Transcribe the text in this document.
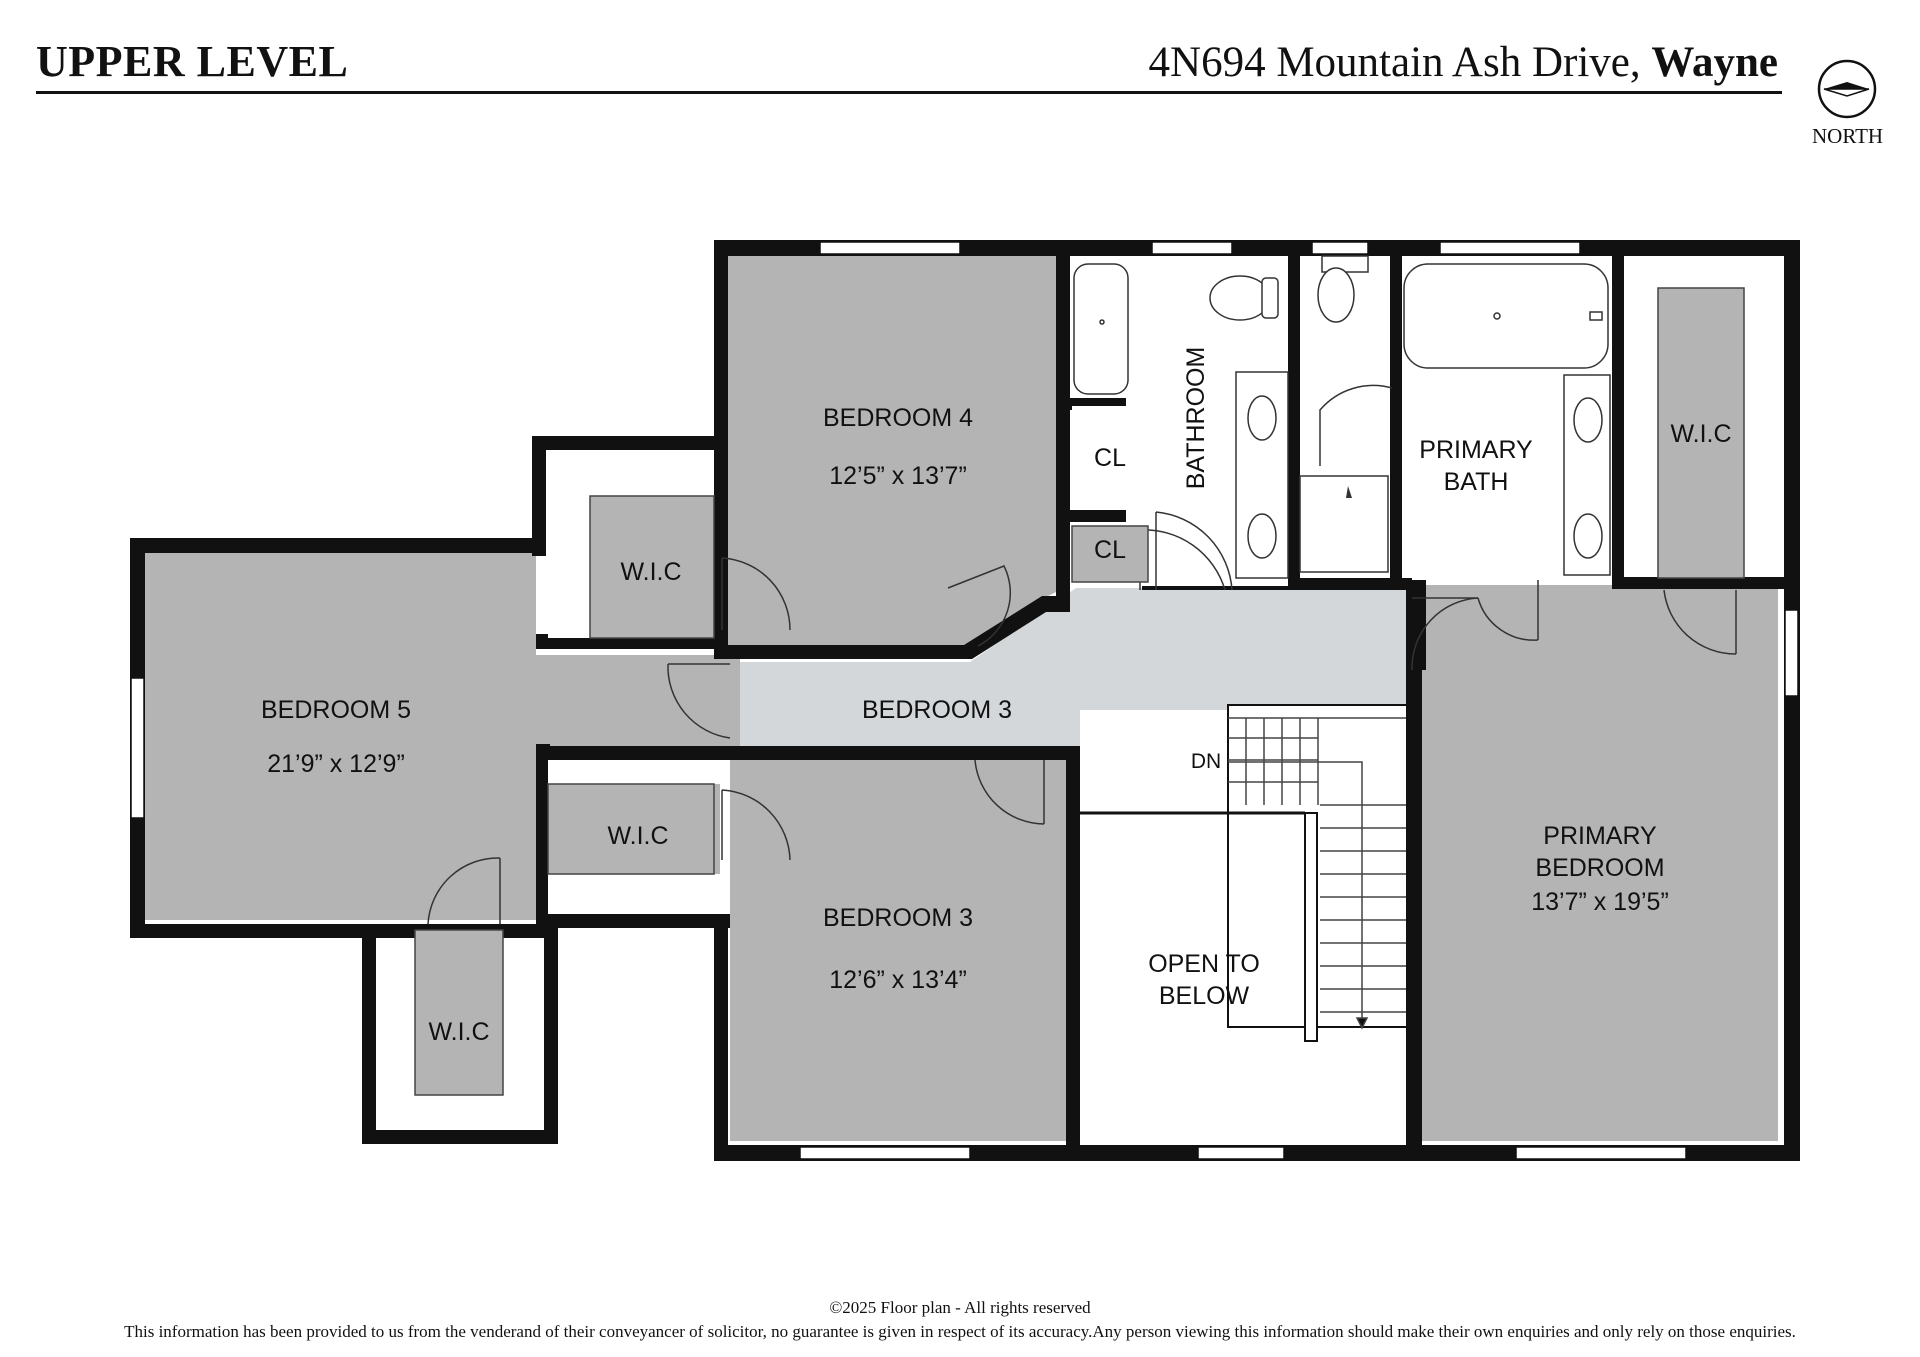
UPPER LEVEL	4N694 Mountain Ash Drive, Wayne
NORTH
BEDROOM 4
12’5” x 13’7”
BEDROOM 5
21’9” x 12’9”
BEDROOM 3
BEDROOM 3
12’6” x 13’4”
PRIMARY
BEDROOM
13’7” x 19’5”
PRIMARY
BATH
BATHROOM
CL
CL
W.I.C
W.I.C
W.I.C
W.I.C
OPEN TO
BELOW
DN
©2025 Floor plan - All rights reserved
This information has been provided to us from the venderand of their conveyancer of solicitor, no guarantee is given in respect of its accuracy.Any person viewing this information should make their own enquiries and only rely on those enquiries.
